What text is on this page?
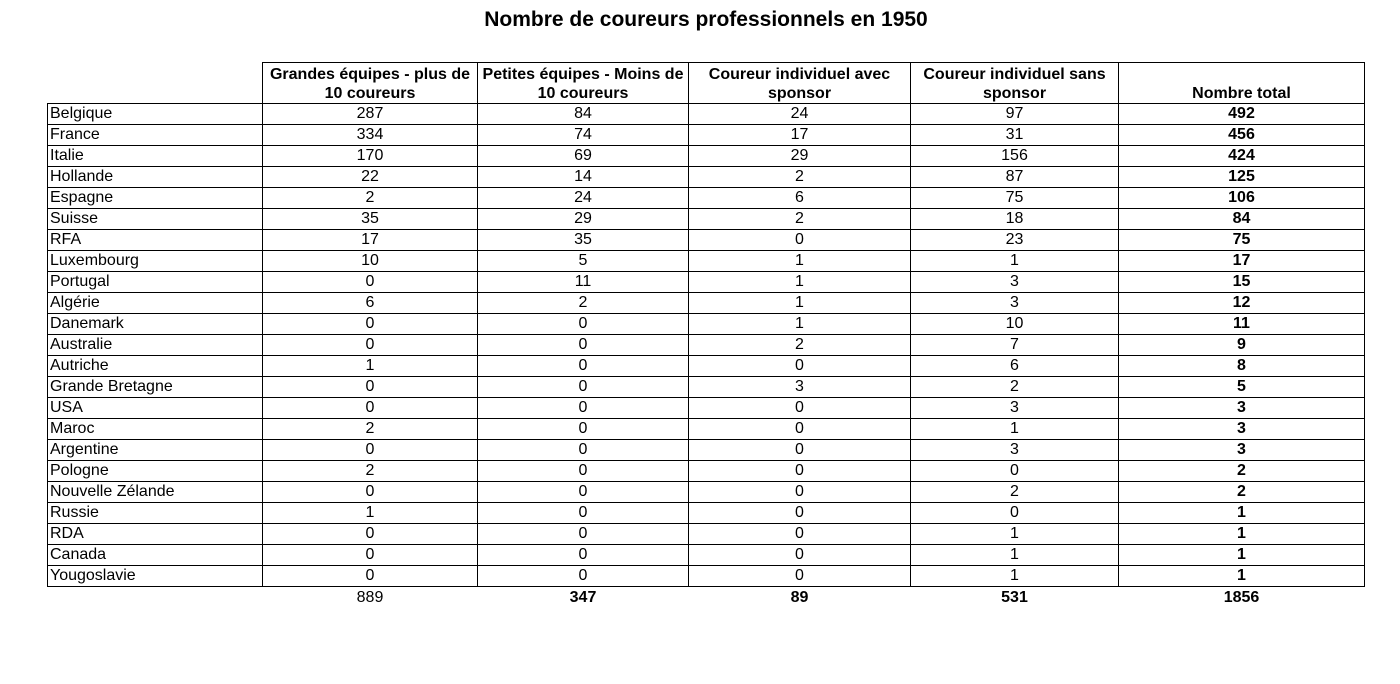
Nombre de coureurs professionnels en 1950
	Grandes équipes - plus de 10 coureurs	Petites équipes - Moins de 10 coureurs	Coureur individuel avec sponsor	Coureur individuel sans sponsor	Nombre total
Belgique	287	84	24	97	492
France	334	74	17	31	456
Italie	170	69	29	156	424
Hollande	22	14	2	87	125
Espagne	2	24	6	75	106
Suisse	35	29	2	18	84
RFA	17	35	0	23	75
Luxembourg	10	5	1	1	17
Portugal	0	11	1	3	15
Algérie	6	2	1	3	12
Danemark	0	0	1	10	11
Australie	0	0	2	7	9
Autriche	1	0	0	6	8
Grande Bretagne	0	0	3	2	5
USA	0	0	0	3	3
Maroc	2	0	0	1	3
Argentine	0	0	0	3	3
Pologne	2	0	0	0	2
Nouvelle Zélande	0	0	0	2	2
Russie	1	0	0	0	1
RDA	0	0	0	1	1
Canada	0	0	0	1	1
Yougoslavie	0	0	0	1	1
	889	347	89	531	1856
